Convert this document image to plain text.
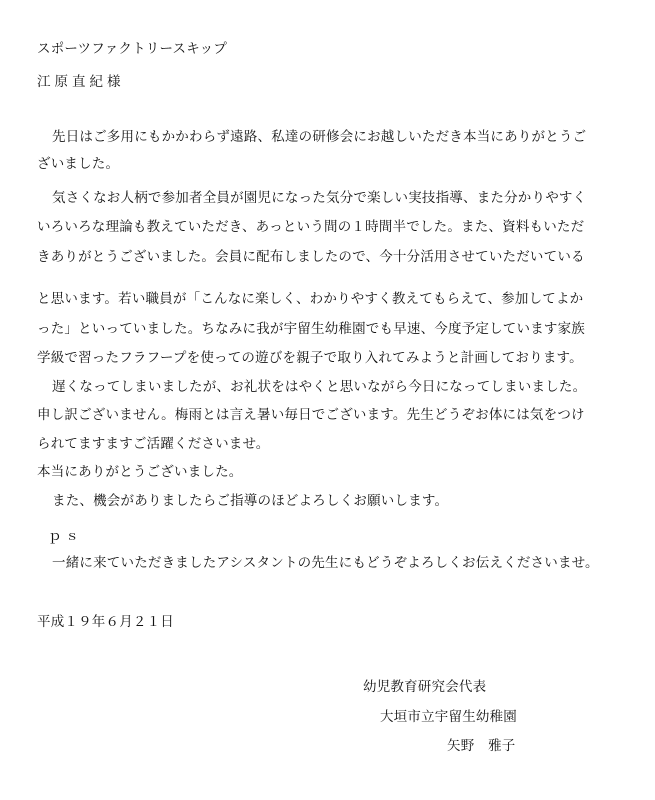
スポーツファクトリースキップ
江原直紀様
先日はご多用にもかかわらず遠路、私達の研修会にお越しいただき本当にありがとうご
ざいました。
気さくなお人柄で参加者全員が園児になった気分で楽しい実技指導、また分かりやすく
いろいろな理論も教えていただき、あっという間の１時間半でした。また、資料もいただ
きありがとうございました。会員に配布しましたので、今十分活用させていただいている
と思います。若い職員が「こんなに楽しく、わかりやすく教えてもらえて、参加してよか
った」といっていました。ちなみに我が宇留生幼稚園でも早速、今度予定しています家族
学級で習ったフラフープを使っての遊びを親子で取り入れてみようと計画しております。
遅くなってしまいましたが、お礼状をはやくと思いながら今日になってしまいました。
申し訳ございません。梅雨とは言え暑い毎日でございます。先生どうぞお体には気をつけ
られてますますご活躍くださいませ。
本当にありがとうございました。
また、機会がありましたらご指導のほどよろしくお願いします。
ｐｓ
一緒に来ていただきましたアシスタントの先生にもどうぞよろしくお伝えくださいませ。
平成１９年６月２１日
幼児教育研究会代表
大垣市立宇留生幼稚園
矢野　雅子
